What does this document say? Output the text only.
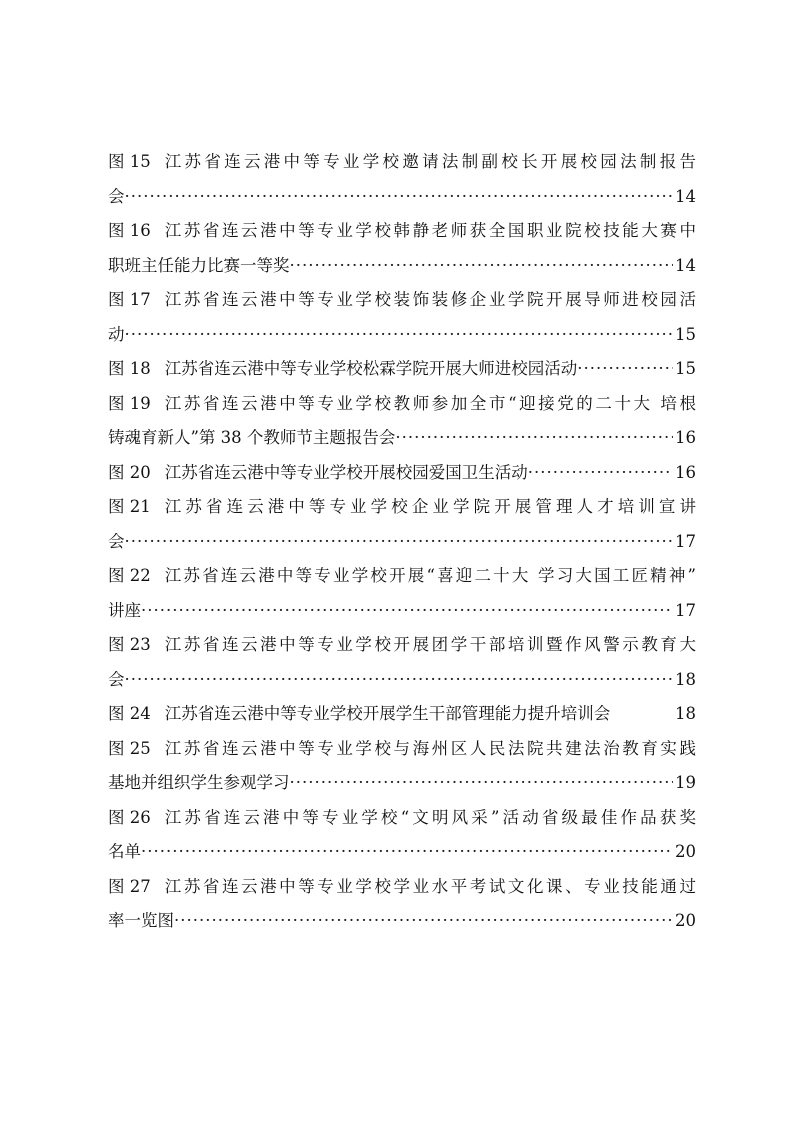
图 15 江苏省连云港中等专业学校邀请法制副校长开展校园法制报告
会 ·····	14
图 16 江苏省连云港中等专业学校韩静老师获全国职业院校技能大赛中
职班主任能力比赛一等奖 ·····	14
图 17 江苏省连云港中等专业学校装饰装修企业学院开展导师进校园活
动 ·····	15
图 18 江苏省连云港中等专业学校松霖学院开展大师进校园活动 ·····	15
图 19 江苏省连云港中等专业学校教师参加全市“迎接党的二十大 培根
铸魂育新人”第 38 个教师节主题报告会 ·····	16
图 20 江苏省连云港中等专业学校开展校园爱国卫生活动 ·····	16
图 21 江苏省连云港中等专业学校企业学院开展管理人才培训宣讲
会 ·····	17
图 22 江苏省连云港中等专业学校开展“喜迎二十大 学习大国工匠精神”
讲座 ·····	17
图 23 江苏省连云港中等专业学校开展团学干部培训暨作风警示教育大
会 ·····	18
图 24 江苏省连云港中等专业学校开展学生干部管理能力提升培训会	18
图 25 江苏省连云港中等专业学校与海州区人民法院共建法治教育实践
基地并组织学生参观学习 ·····	19
图 26 江苏省连云港中等专业学校“文明风采”活动省级最佳作品获奖
名单 ·····	20
图 27 江苏省连云港中等专业学校学业水平考试文化课、专业技能通过
率一览图 ·····	20
